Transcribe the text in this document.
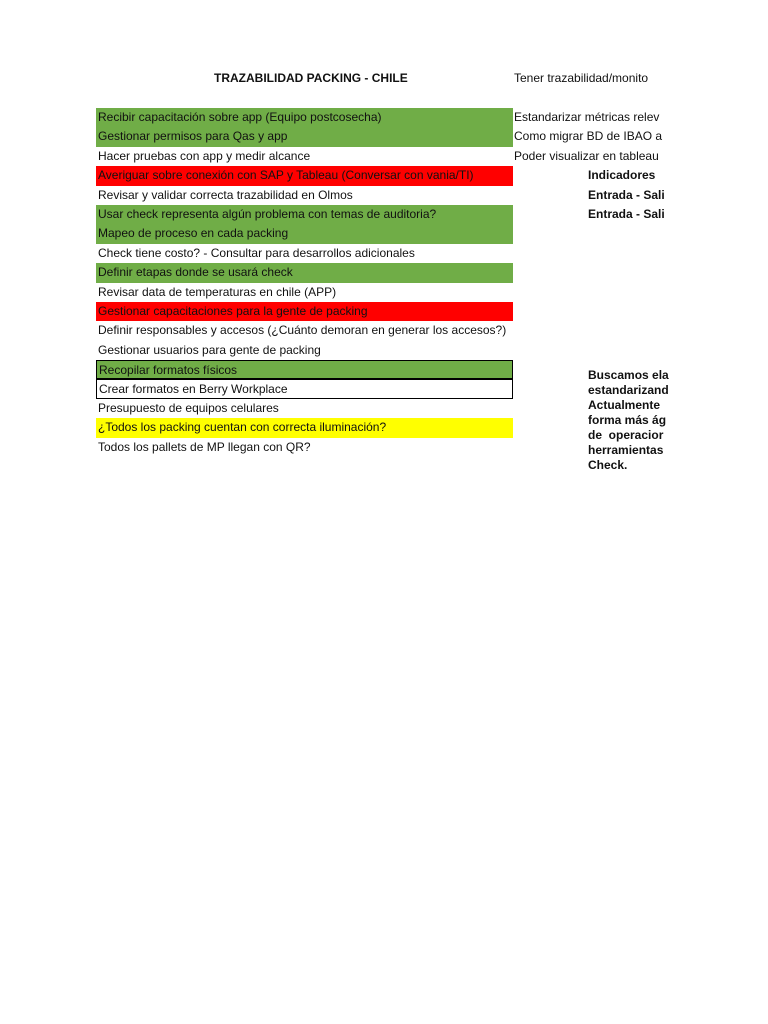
TRAZABILIDAD PACKING - CHILE	Tener trazabilidad/monito
Recibir capacitación sobre app (Equipo postcosecha)
Gestionar permisos para Qas y app
Hacer pruebas con app y medir alcance
Averiguar sobre conexión con SAP y Tableau (Conversar con vania/TI)
Revisar y validar correcta trazabilidad en Olmos
Usar check representa algún problema con temas de auditoria?
Mapeo de proceso en cada packing
Check tiene costo? - Consultar para desarrollos adicionales
Definir etapas donde se usará check
Revisar data de temperaturas en chile (APP)
Gestionar capacitaciones para la gente de packing
Definir responsables y accesos (¿Cuánto demoran en generar los accesos?)
Gestionar usuarios para gente de packing
Recopilar formatos físicos
Crear formatos en Berry Workplace
Presupuesto de equipos celulares
¿Todos los packing cuentan con correcta iluminación?
Todos los pallets de MP llegan con QR?
Estandarizar métricas relev
Como migrar BD de IBAO a
Poder visualizar en tableau
Indicadores
Entrada - Sali
Entrada - Sali
Buscamos ela
estandarizand
Actualmente
forma más ág
de  operacior
herramientas
Check.
